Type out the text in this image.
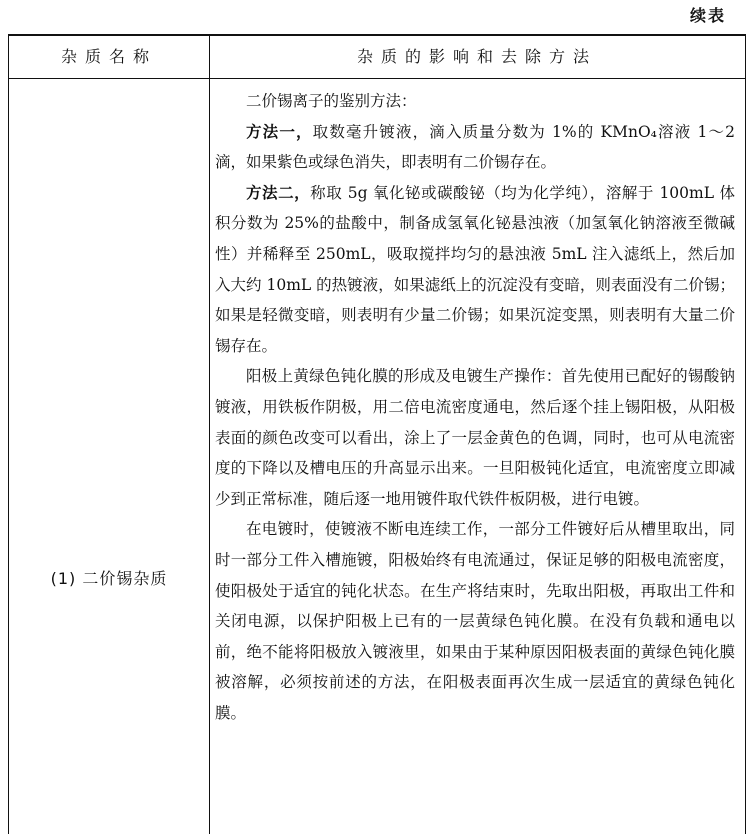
续表
杂质名称	杂质的影响和去除方法
(1) 二价锡杂质

二价锡离子的鉴别方法：

方法一，取数毫升镀液，滴入质量分数为 1%的 KMnO₄溶液 1～2 滴，如果紫色或绿色消失，即表明有二价锡存在。

方法二，称取 5g 氧化铋或碳酸铋（均为化学纯），溶解于 100mL 体积分数为 25%的盐酸中，制备成氢氧化铋悬浊液（加氢氧化钠溶液至微碱性）并稀释至 250mL，吸取搅拌均匀的悬浊液 5mL 注入滤纸上，然后加入大约 10mL 的热镀液，如果滤纸上的沉淀没有变暗，则表面没有二价锡；如果是轻微变暗，则表明有少量二价锡；如果沉淀变黑，则表明有大量二价锡存在。

阳极上黄绿色钝化膜的形成及电镀生产操作：首先使用已配好的锡酸钠镀液，用铁板作阴极，用二倍电流密度通电，然后逐个挂上锡阳极，从阳极表面的颜色改变可以看出，涂上了一层金黄色的色调，同时，也可从电流密度的下降以及槽电压的升高显示出来。一旦阳极钝化适宜，电流密度立即减少到正常标准，随后逐一地用镀件取代铁件板阴极，进行电镀。

在电镀时，使镀液不断电连续工作，一部分工件镀好后从槽里取出，同时一部分工件入槽施镀，阳极始终有电流通过，保证足够的阳极电流密度，使阳极处于适宜的钝化状态。在生产将结束时，先取出阳极，再取出工件和关闭电源，以保护阳极上已有的一层黄绿色钝化膜。在没有负载和通电以前，绝不能将阳极放入镀液里，如果由于某种原因阳极表面的黄绿色钝化膜被溶解，必须按前述的方法，在阳极表面再次生成一层适宜的黄绿色钝化膜。
